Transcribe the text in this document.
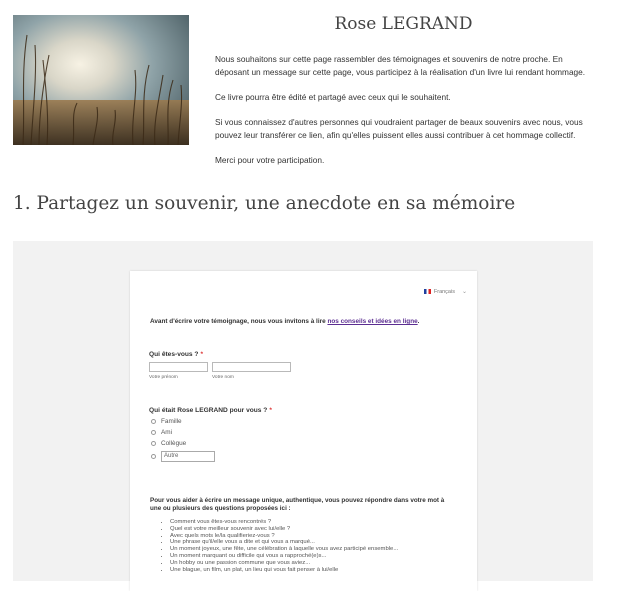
Rose LEGRAND

Nous souhaitons sur cette page rassembler des témoignages et souvenirs de notre proche. En déposant un message sur cette page, vous participez à la réalisation d'un livre lui rendant hommage.

Ce livre pourra être édité et partagé avec ceux qui le souhaitent.

Si vous connaissez d'autres personnes qui voudraient partager de beaux souvenirs avec nous, vous pouvez leur transférer ce lien, afin qu'elles puissent elles aussi contribuer à cet hommage collectif.

Merci pour votre participation.

1. Partagez un souvenir, une anecdote en sa mémoire
Français ⌄
Avant d'écrire votre témoignage, nous vous invitons à lire nos conseils et idées en ligne.
Qui êtes-vous ? *
Votre prénom	Votre nom
Qui était Rose LEGRAND pour vous ? *
Famille
Ami
Collègue
Autre
Pour vous aider à écrire un message unique, authentique, vous pouvez répondre dans votre mot à une ou plusieurs des questions proposées ici :
• Comment vous êtes-vous rencontrés ?
• Quel est votre meilleur souvenir avec lui/elle ?
• Avec quels mots le/la qualifieriez-vous ?
• Une phrase qu'il/elle vous a dite et qui vous a marqué...
• Un moment joyeux, une fête, une célébration à laquelle vous avez participé ensemble...
• Un moment marquant ou difficile qui vous a rapproché(e)s...
• Un hobby ou une passion commune que vous aviez...
• Une blague, un film, un plat, un lieu qui vous fait penser à lui/elle
